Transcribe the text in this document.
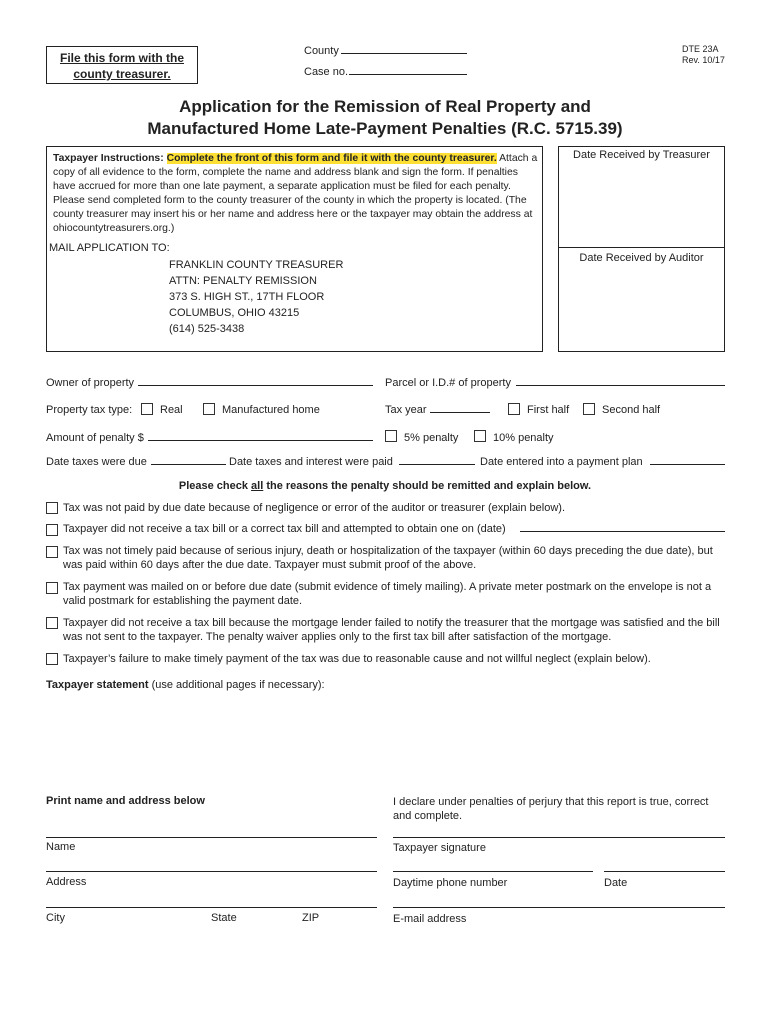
File this form with the
county treasurer.
County
Case no.
DTE 23A
Rev. 10/17
Application for the Remission of Real Property and
Manufactured Home Late-Payment Penalties (R.C. 5715.39)
Taxpayer Instructions: Complete the front of this form and file it with the county treasurer. Attach a copy of all evidence to the form, complete the name and address blank and sign the form. If penalties have accrued for more than one late payment, a separate application must be filed for each penalty. Please send completed form to the county treasurer of the county in which the property is located. (The county treasurer may insert his or her name and address here or the taxpayer may obtain the address at ohiocountytreasurers.org.)
MAIL APPLICATION TO:
FRANKLIN COUNTY TREASURER
ATTN: PENALTY REMISSION
373 S. HIGH ST., 17TH FLOOR
COLUMBUS, OHIO 43215
(614) 525-3438
Date Received by Treasurer
Date Received by Auditor
Owner of property	Parcel or I.D.# of property
Property tax type:	Real	Manufactured home	Tax year	First half	Second half
Amount of penalty $	5% penalty	10% penalty
Date taxes were due	Date taxes and interest were paid	Date entered into a payment plan
Please check all the reasons the penalty should be remitted and explain below.
Tax was not paid by due date because of negligence or error of the auditor or treasurer (explain below).
Taxpayer did not receive a tax bill or a correct tax bill and attempted to obtain one on (date)
Tax was not timely paid because of serious injury, death or hospitalization of the taxpayer (within 60 days preceding the due date), but was paid within 60 days after the due date. Taxpayer must submit proof of the above.
Tax payment was mailed on or before due date (submit evidence of timely mailing). A private meter postmark on the envelope is not a valid postmark for establishing the payment date.
Taxpayer did not receive a tax bill because the mortgage lender failed to notify the treasurer that the mortgage was satisfied and the bill was not sent to the taxpayer. The penalty waiver applies only to the first tax bill after satisfaction of the mortgage.
Taxpayer’s failure to make timely payment of the tax was due to reasonable cause and not willful neglect (explain below).
Taxpayer statement (use additional pages if necessary):
Print name and address below	I declare under penalties of perjury that this report is true, correct and complete.
Name	Taxpayer signature
Address	Daytime phone number	Date
City	State	ZIP	E-mail address
